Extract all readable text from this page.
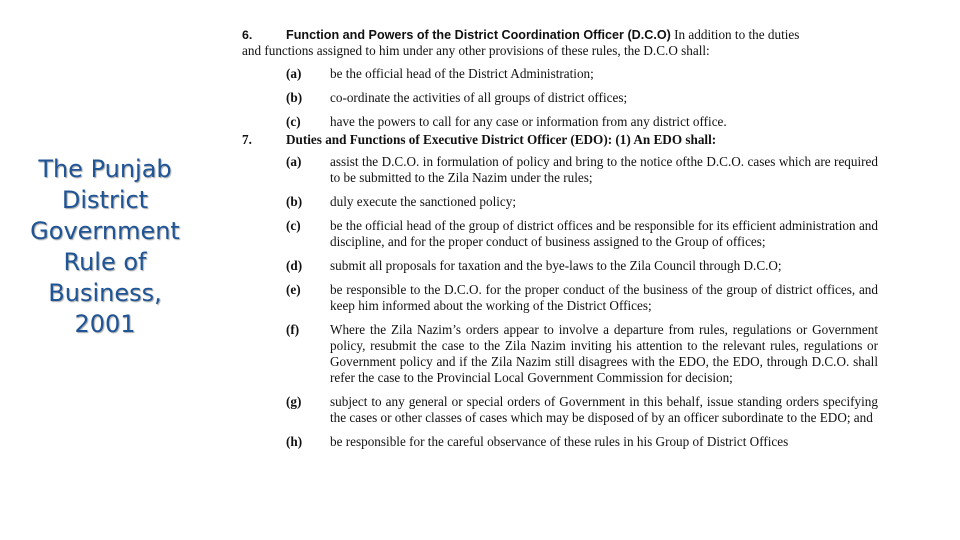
The Punjab
District
Government
Rule of
Business,
2001
6.	Function and Powers of the District Coordination Officer (D.C.O) In addition to the duties

and functions assigned to him under any other provisions of these rules, the D.C.O shall:

(a)	be the official head of the District Administration;
(b)	co-ordinate the activities of all groups of district offices;
(c)	have the powers to call for any case or information from any district office.
7.	Duties and Functions of Executive District Officer (EDO): (1) An EDO shall:
(a)	assist the D.C.O. in formulation of policy and bring to the notice ofthe D.C.O. cases which are required to be submitted to the Zila Nazim under the rules;
(b)	duly execute the sanctioned policy;
(c)	be the official head of the group of district offices and be responsible for its efficient administration and discipline, and for the proper conduct of business assigned to the Group of offices;
(d)	submit all proposals for taxation and the bye-laws to the Zila Council through D.C.O;
(e)	be responsible to the D.C.O. for the proper conduct of the business of the group of district offices, and keep him informed about the working of the District Offices;
(f)	Where the Zila Nazim’s orders appear to involve a departure from rules, regulations or Government policy, resubmit the case to the Zila Nazim inviting his attention to the relevant rules, regulations or Government policy and if the Zila Nazim still disagrees with the EDO, the EDO, through D.C.O. shall refer the case to the Provincial Local Government Commission for decision;
(g)	subject to any general or special orders of Government in this behalf, issue standing orders specifying the cases or other classes of cases which may be disposed of by an officer subordinate to the EDO; and
(h)	be responsible for the careful observance of these rules in his Group of District Offices
